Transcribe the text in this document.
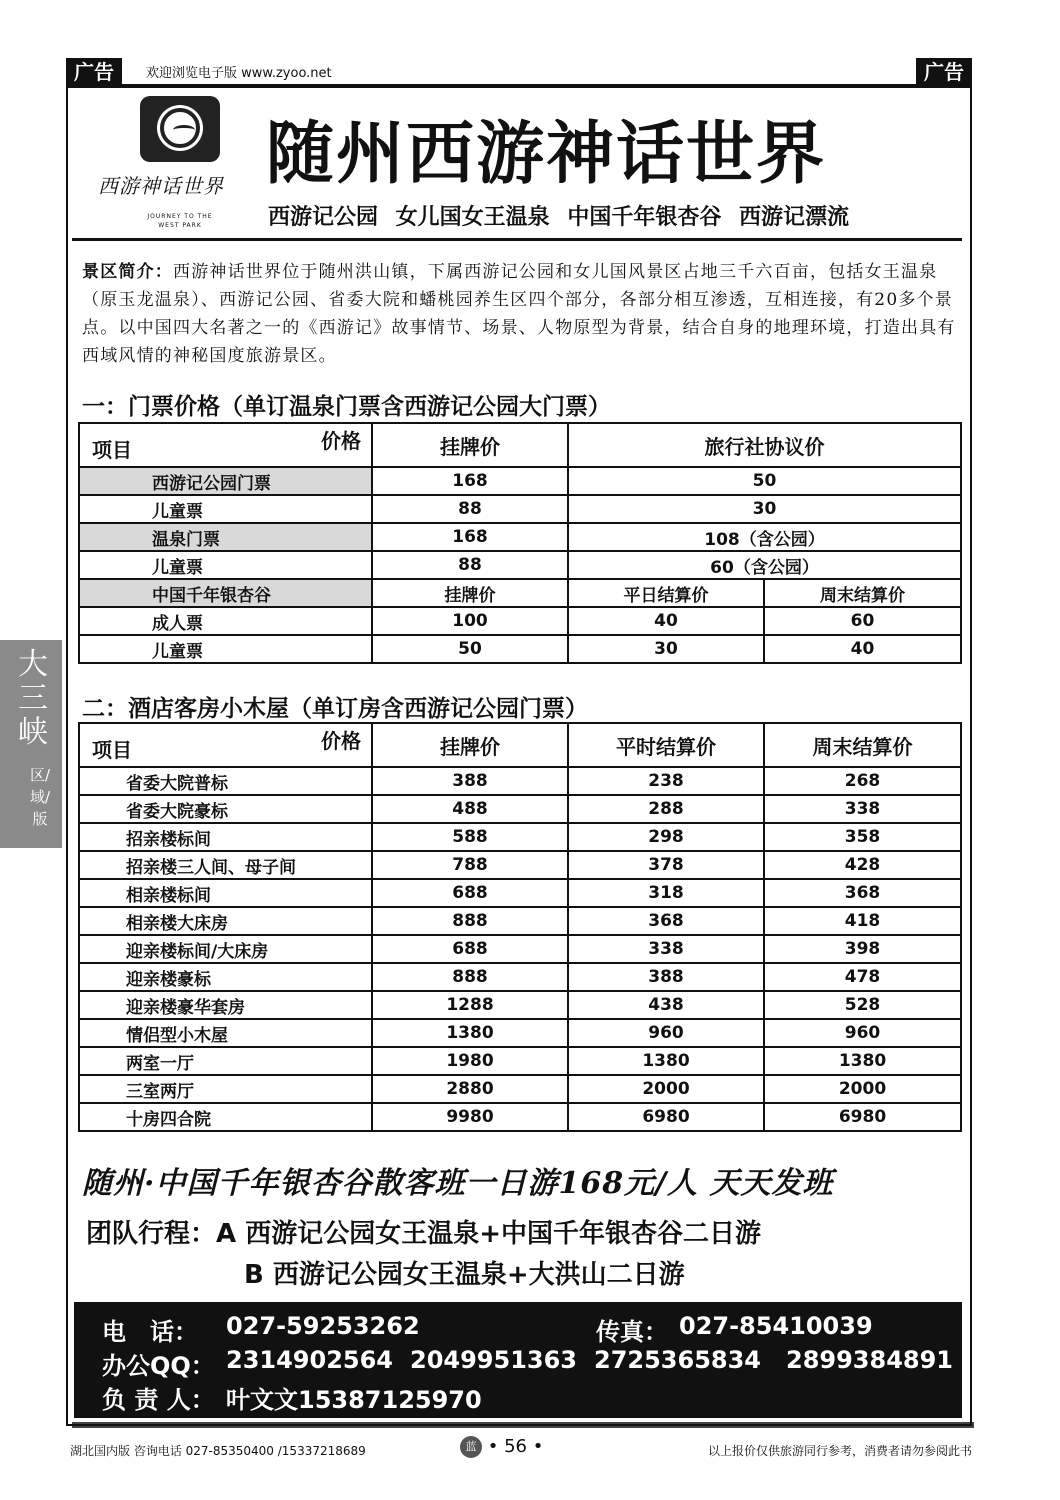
广告	欢迎浏览电子版 www.zyoo.net	广告
西游神话世界
JOURNEY TO THE WEST PARK
随州西游神话世界
西游记公园 女儿国女王温泉 中国千年银杏谷 西游记漂流
景区简介：西游神话世界位于随州洪山镇，下属西游记公园和女儿国风景区占地三千六百亩，包括女王温泉（原玉龙温泉）、西游记公园、省委大院和蟠桃园养生区四个部分，各部分相互渗透，互相连接，有20多个景点。以中国四大名著之一的《西游记》故事情节、场景、人物原型为背景，结合自身的地理环境，打造出具有西域风情的神秘国度旅游景区。
一：门票价格（单订温泉门票含西游记公园大门票）
项目 价格	挂牌价	旅行社协议价	
西游记公园门票	168	50	
儿童票	88	30	
温泉门票	168	108（含公园）	
儿童票	88	60（含公园）	
中国千年银杏谷	挂牌价	平日结算价	周末结算价
成人票	100	40	60
儿童票	50	30	40
二：酒店客房小木屋（单订房含西游记公园门票）
项目 价格	挂牌价	平时结算价	周末结算价
省委大院普标	388	238	268
省委大院豪标	488	288	338
招亲楼标间	588	298	358
招亲楼三人间、母子间	788	378	428
相亲楼标间	688	318	368
相亲楼大床房	888	368	418
迎亲楼标间/大床房	688	338	398
迎亲楼豪标	888	388	478
迎亲楼豪华套房	1288	438	528
情侣型小木屋	1380	960	960
两室一厅	1980	1380	1380
三室两厅	2880	2000	2000
十房四合院	9980	6980	6980
随州·中国千年银杏谷散客班一日游168元/人 天天发班
团队行程：A 西游记公园女王温泉+中国千年银杏谷二日游
B 西游记公园女王温泉+大洪山二日游
电　话： 027-59253262	传真： 027-85410039
办公QQ： 2314902564 2049951363 2725365834 2899384891
负 责 人： 叶文文15387125970
大三峡
区/域/版
湖北国内版 咨询电话 027-85350400 /15337218689	蓝 • 56 •	以上报价仅供旅游同行参考，消费者请勿参阅此书
